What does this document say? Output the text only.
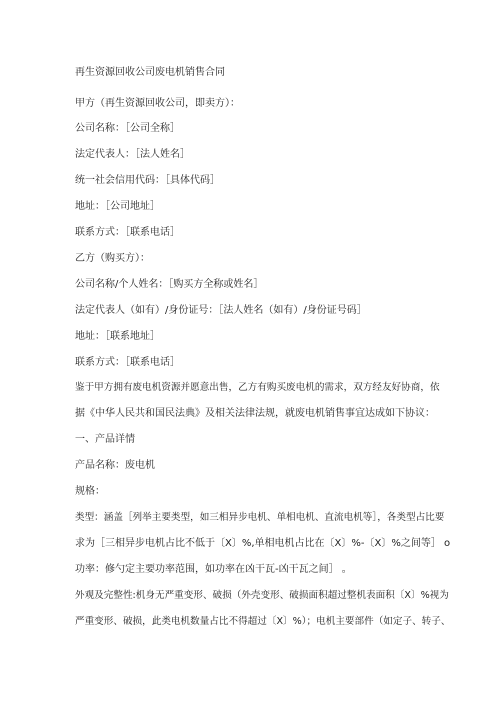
再生资源回收公司废电机销售合同
甲方（再生资源回收公司，即卖方）：
公司名称：［公司全称］
法定代表人：［法人姓名］
统一社会信用代码：［具体代码］
地址：［公司地址］
联系方式：［联系电话］
乙方（购买方）：
公司名称/个人姓名：［购买方全称或姓名］
法定代表人（如有）/身份证号：［法人姓名（如有）/身份证号码］
地址：［联系地址］
联系方式：［联系电话］
鉴于甲方拥有废电机资源并愿意出售，乙方有购买废电机的需求，双方经友好协商，依
据《中华人民共和国民法典》及相关法律法规，就废电机销售事宜达成如下协议：
一、产品详情
产品名称：废电机
规格：
类型：涵盖［列举主要类型，如三相异步电机、单相电机、直流电机等］，各类型占比要
求为［三相异步电机占比不低于〔X〕%,单相电机占比在〔X〕%-〔X〕%之间等］ o
功率：修勺定主要功率范围，如功率在凶干瓦-凶干瓦之间］ 。
外观及完整性:机身无严重变形、破损（外壳变形、破损面积超过整机表面积〔X〕%视为
严重变形、破损，此类电机数量占比不得超过〔X〕%）；电机主要部件（如定子、转子、
